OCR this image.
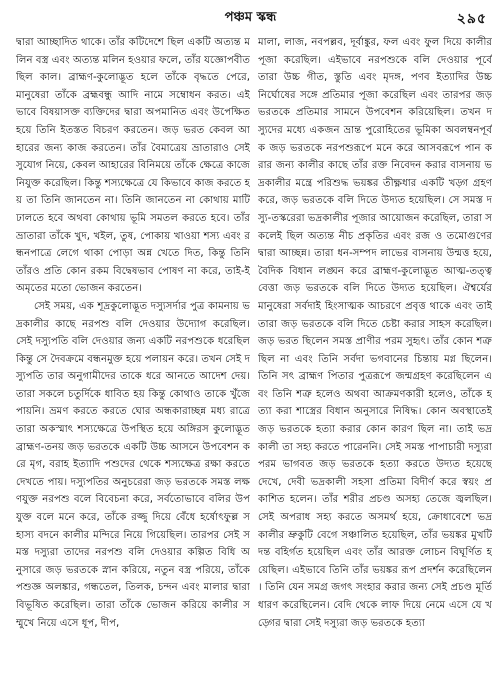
পঞ্চম স্কন্ধ	২৯৫

দ্বারা আচ্ছাদিত থাকে। তাঁর কটিদেশে ছিল একটি অত্যন্ত মলিন বস্ত্র এবং অত্যন্ত মলিন হওয়ার ফলে, তাঁর যজ্ঞোপবীত ছিল কাল। ব্রাহ্মণ-কুলোদ্ভূত হলে তাঁকে বৃদ্ধতে পেরে, মানুষেরা তাঁকে ব্রহ্মবন্ধু আদি নামে সম্বোধন করত। এইভাবে বিষয়াসক্ত ব্যক্তিদের দ্বারা অপমানিত এবং উপেক্ষিত হয়ে তিনি ইতস্তত বিচরণ করতেন। জড় ভরত কেবল আহারের জন্য কাজ করতেন। তাঁর বৈমাত্রেয় ভ্রাতারাও সেই সুযোগ নিয়ে, কেবল আহারের বিনিময়ে তাঁকে ক্ষেত্রে কাজে নিযুক্ত করেছিল। কিন্তু শস্যক্ষেত্রে যে কিভাবে কাজ করতে হয় তা তিনি জানতেন না। তিনি জানতেন না কোথায় মাটি ঢালতে হবে অথবা কোথায় ভূমি সমতল করতে হবে। তাঁর ভ্রাতারা তাঁকে খুদ, খইল, তুষ, পোকায় খাওয়া শস্য এবং রন্ধনপাত্রে লেগে থাকা পোড়া অন্ন খেতে দিত, কিন্তু তিনি তাঁরও প্রতি কোন রকম বিদ্বেষভাব পোষণ না করে, তাই-ই অমৃতের মতো ভোজন করতেন।

সেই সময়, এক শূদ্রকুলোদ্ভূত দস্যুসর্দার পুত্র কামনায় ভদ্রকালীর কাছে নরপশু বলি দেওয়ার উদ্যোগ করেছিল। সেই দস্যুপতি বলি দেওয়ার জন্য একটি নরপশুকে ধরেছিল কিন্তু সে দৈবক্রমে বন্ধনমুক্ত হয়ে পলায়ন করে। তখন সেই দস্যুপতি তার অনুগামীদের তাকে ধরে আনতে আদেশ দেয়। তারা সকলে চতুর্দিকে ধাবিত হয় কিন্তু কোথাও তাকে খুঁজে পায়নি। ভ্রমণ করতে করতে ঘোর অন্ধকারাচ্ছন্ন মধ্য রাত্রে তারা অকস্মাৎ শস্যক্ষেত্রে উপস্থিত হয়ে অঙ্গিরস কুলোদ্ভূত ব্রাহ্মণ-তনয় জড় ভরতকে একটি উচ্চ আসনে উপবেশন করে মৃগ, বরাহ ইত্যাদি পশুদের থেকে শস্যক্ষেত্র রক্ষা করতে দেখতে পায়। দস্যুপতির অনুচরেরা জড় ভরতকে সমস্ত লক্ষণযুক্ত নরপশু বলে বিবেচনা করে, সর্বতোভাবে বলির উপযুক্ত বলে মনে করে, তাঁকে রজ্জু দিয়ে বেঁধে হর্ষোৎফুল্ল সহাস্য বদনে কালীর মন্দিরে নিয়ে গিয়েছিল। তারপর সেই সমস্ত দস্যুরা তাদের নরপশু বলি দেওয়ার কল্পিত বিধি অনুসারে জড় ভরতকে স্নান করিয়ে, নতুন বস্ত্র পরিয়ে, তাঁকে পশুজ্ঞ অলঙ্কার, গন্ধতেল, তিলক, চন্দন এবং মালার দ্বারা বিভূষিত করেছিল। তারা তাঁকে ভোজন করিয়ে কালীর সম্মুখে নিয়ে এসে ধূপ, দীপ,

মালা, লাজ, নবপল্লব, দূর্বাঙ্কুর, ফল এবং ফুল দিয়ে কালীর পূজা করেছিল। এইভাবে নরপশুকে বলি দেওয়ার পূর্বে তারা উচ্চ গীত, স্তুতি এবং মৃদঙ্গ, পণব ইত্যাদির উচ্চ নির্ঘোষের সঙ্গে প্রতিমার পূজা করেছিল এবং তারপর জড় ভরতকে প্রতিমার সামনে উপবেশন করিয়েছিল। তখন দস্যুদের মধ্যে একজন ভ্রান্ত পুরোহিতের ভূমিকা অবলম্বনপূর্বক জড় ভরতকে নরপশুরূপে মনে করে আসবরূপে পান করার জন্য কালীর কাছে তাঁর রক্ত নিবেদন করার বাসনায় ভদ্রকালীর মন্ত্রে পরিশুদ্ধ ভয়ঙ্কর তীক্ষ্ণধার একটি খড়্গ গ্রহণ করে, জড় ভরতকে বলি দিতে উদ্যত হয়েছিল। সে সমস্ত দস্যু-তস্করেরা ভদ্রকালীর পূজার আয়োজন করেছিল, তারা সকলেই ছিল অত্যন্ত নীচ প্রকৃতির এবং রজ ও তমোগুণের দ্বারা আচ্ছন্ন। তারা ধন-সম্পদ লাভের বাসনায় উন্মত্ত হয়ে, বৈদিক বিধান লঙ্ঘন করে ব্রাহ্মণ-কুলোদ্ভূত আত্ম-তত্ত্ববেত্তা জড় ভরতকে বলি দিতে উদ্যত হয়েছিল। ঐশ্বর্যের মানুষেরা সর্বদাই হিংসাত্মক আচরণে প্রবৃত্ত থাকে এবং তাই তারা জড় ভরতকে বলি দিতে চেষ্টা করার সাহস করেছিল। জড় ভরত ছিলেন সমস্ত প্রাণীর পরম সুহৃৎ। তাঁর কোন শত্রু ছিল না এবং তিনি সর্বদা ভগবানের চিন্তায় মগ্ন ছিলেন। তিনি সৎ ব্রাহ্মণ পিতার পুত্ররূপে জন্মগ্রহণ করেছিলেন এবং তিনি শত্রু হলেও অথবা আক্রমণকারী হলেও, তাঁকে হত্যা করা শাস্ত্রের বিধান অনুসারে নিষিদ্ধ। কোন অবস্থাতেই জড় ভরতকে হত্যা করার কোন কারণ ছিল না। তাই ভদ্রকালী তা সহ্য করতে পারেননি। সেই সমস্ত পাপাচারী দস্যুরা পরম ভাগবত জড় ভরতকে হত্যা করতে উদ্যত হয়েছে দেখে, দেবী ভদ্রকালী সহসা প্রতিমা বিদীর্ণ করে স্বয়ং প্রকাশিত হলেন। তাঁর শরীর প্রচণ্ড অসহ্য তেজে জ্বলছিল। সেই অপরাধ সহ্য করতে অসমর্থ হয়ে, ক্রোধাবেশে ভদ্রকালীর ভ্রুকুটি বেগে সঞ্চালিত হয়েছিল, তাঁর ভয়ঙ্কর মুখটি দন্ত বহির্গত হয়েছিল এবং তাঁর আরক্ত লোচন বিঘূর্ণিত হয়েছিল। এইভাবে তিনি তাঁর ভয়ঙ্কর রূপ প্রদর্শন করেছিলেন। তিনি যেন সমগ্র জগৎ সংহার করার জন্য সেই প্রচণ্ড মূর্তি ধারণ করেছিলেন। বেদি থেকে লাফ দিয়ে নেমে এসে যে খড়্গের দ্বারা সেই দস্যুরা জড় ভরতকে হত্যা
